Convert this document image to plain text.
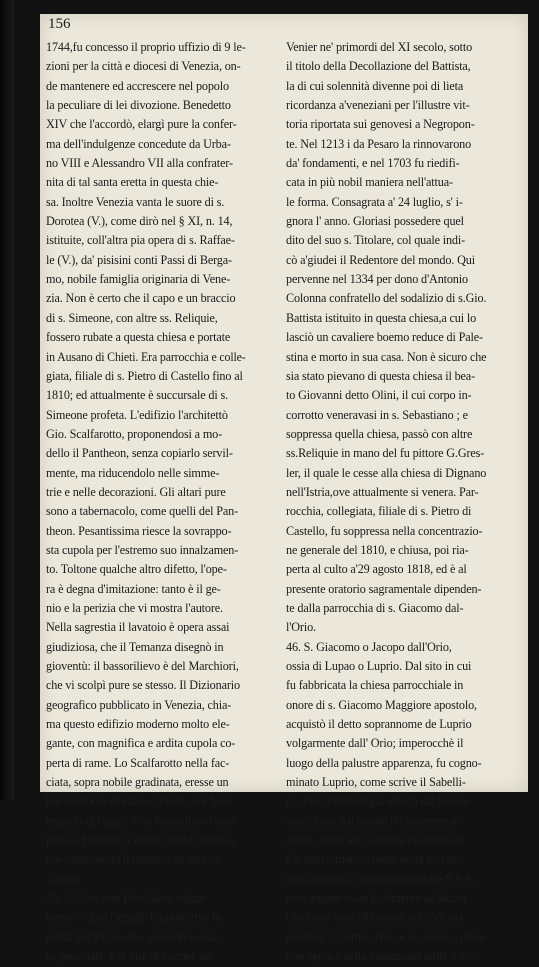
156
1744,fu concesso il proprio uffizio di 9 le-
zioni per la città e diocesi di Venezia, on-
de mantenere ed accrescere nel popolo
la peculiare di lei divozione. Benedetto
XIV che l'accordò, elargì pure la confer-
ma dell'indulgenze concedute da Urba-
no VIII e Alessandro VII alla confrater-
nita di tal santa eretta in questa chie-
sa. Inoltre Venezia vanta le suore di s.
Dorotea (V.), come dirò nel § XI, n. 14,
istituite, coll'altra pia opera di s. Raffae-
le (V.), da' pisisini conti Passi di Berga-
mo, nobile famiglia originaria di Vene-
zia. Non è certo che il capo e un braccio
di s. Simeone, con altre ss. Reliquie,
fossero rubate a questa chiesa e portate
in Ausano di Chieti. Era parrocchia e colle-
giata, filiale di s. Pietro di Castello fino al
1810; ed attualmente è succursale di s.
Simeone profeta. L'edifizio l'architettò
Gio. Scalfarotto, proponendosi a mo-
dello il Pantheon, senza copiarlo servil-
mente, ma riducendolo nelle simme-
trie e nelle decorazioni. Gli altari pure
sono a tabernacolo, come quelli del Pan-
theon. Pesantissima riesce la sovrappo-
sta cupola per l'estremo suo innalzamen-
to. Toltone qualche altro difetto, l'ope-
ra è degna d'imitazione: tanto è il ge-
nio e la perizia che vi mostra l'autore.
Nella sagrestia il lavatoio è opera assai
giudiziosa, che il Temanza disegnò in
gioventù: il bassorilievo è del Marchiori,
che vi scolpì pure se stesso. Il Dizionario
geografico pubblicato in Venezia, chia-
ma questo edifizio moderno molto ele-
gante, con magnifica e ardita cupola co-
perta di rame. Lo Scalfarotto nella fac-
ciata, sopra nobile gradinata, eresse un
bel vestibolo d'ordine corintio, sul fron-
tespizio del quale è un bassorilievo scol-
pito da Francesco Penso detto Cabianca,
che rappresenta il martirio de' due ss.
Titolari.
45. S. Giovanni Decollato, volgar-
mente s. Zan Degolà. La primitiva fu
eretta nel VII secolo, secondo lo Sta-
to personale, e al dire di Corner, da'
Venier ne' primordi del XI secolo, sotto
il titolo della Decollazione del Battista,
la di cui solennità divenne poi di lieta
ricordanza a'veneziani per l'illustre vit-
toria riportata sui genovesi a Negropon-
te. Nel 1213 i da Pesaro la rinnovarono
da' fondamenti, e nel 1703 fu riedifi-
cata in più nobil maniera nell'attua-
le forma. Consagrata a' 24 luglio, s' i-
gnora l' anno. Gloriasi possedere quel
dito del suo s. Titolare, col quale indi-
cò a'giudei il Redentore del mondo. Qui
pervenne nel 1334 per dono d'Antonio
Colonna confratello del sodalizio di s.Gio.
Battista istituito in questa chiesa,a cui lo
lasciò un cavaliere boemo reduce di Pale-
stina e morto in sua casa. Non è sicuro che
sia stato pievano di questa chiesa il bea-
to Giovanni detto Olini, il cui corpo in-
corrotto veneravasi in s. Sebastiano ; e
soppressa quella chiesa, passò con altre
ss.Reliquie in mano del fu pittore G.Gres-
ler, il quale le cesse alla chiesa di Dignano
nell'Istria,ove attualmente si venera. Par-
rocchia, collegiata, filiale di s. Pietro di
Castello, fu soppressa nella concentrazio-
ne generale del 1810, e chiusa, poi ria-
perta al culto a'29 agosto 1818, ed è al
presente oratorio sagramentale dipenden-
te dalla parrocchia di s. Giacomo dal-
l'Orio.
46. S. Giacomo o Jacopo dall'Orio,
ossia di Lupao o Luprio. Dal sito in cui
fu fabbricata la chiesa parrocchiale in
onore di s. Giacomo Maggiore apostolo,
acquistò il detto soprannome de Luprio
volgarmente dall' Orio; imperocchè il
luogo della palustre apparenza, fu cogno-
minato Luprio, come scrive il Sabelli-
co. Però l'etimologia offerta dal Sanso-
vino, forse dal canale ivi scorrente ab
antico, dallo Rio, sembra più naturale.
Un antico marmo posto nella facciata
della chiesa, in cui sono incisi tre S S S,
fece arguire essai facilmente ad alcuni
che fosse stata fabbricata nel 555; ma
osservai il Corner, che se si avesse a desu-
mer l'epoca della fondazione dalle 3 let-
